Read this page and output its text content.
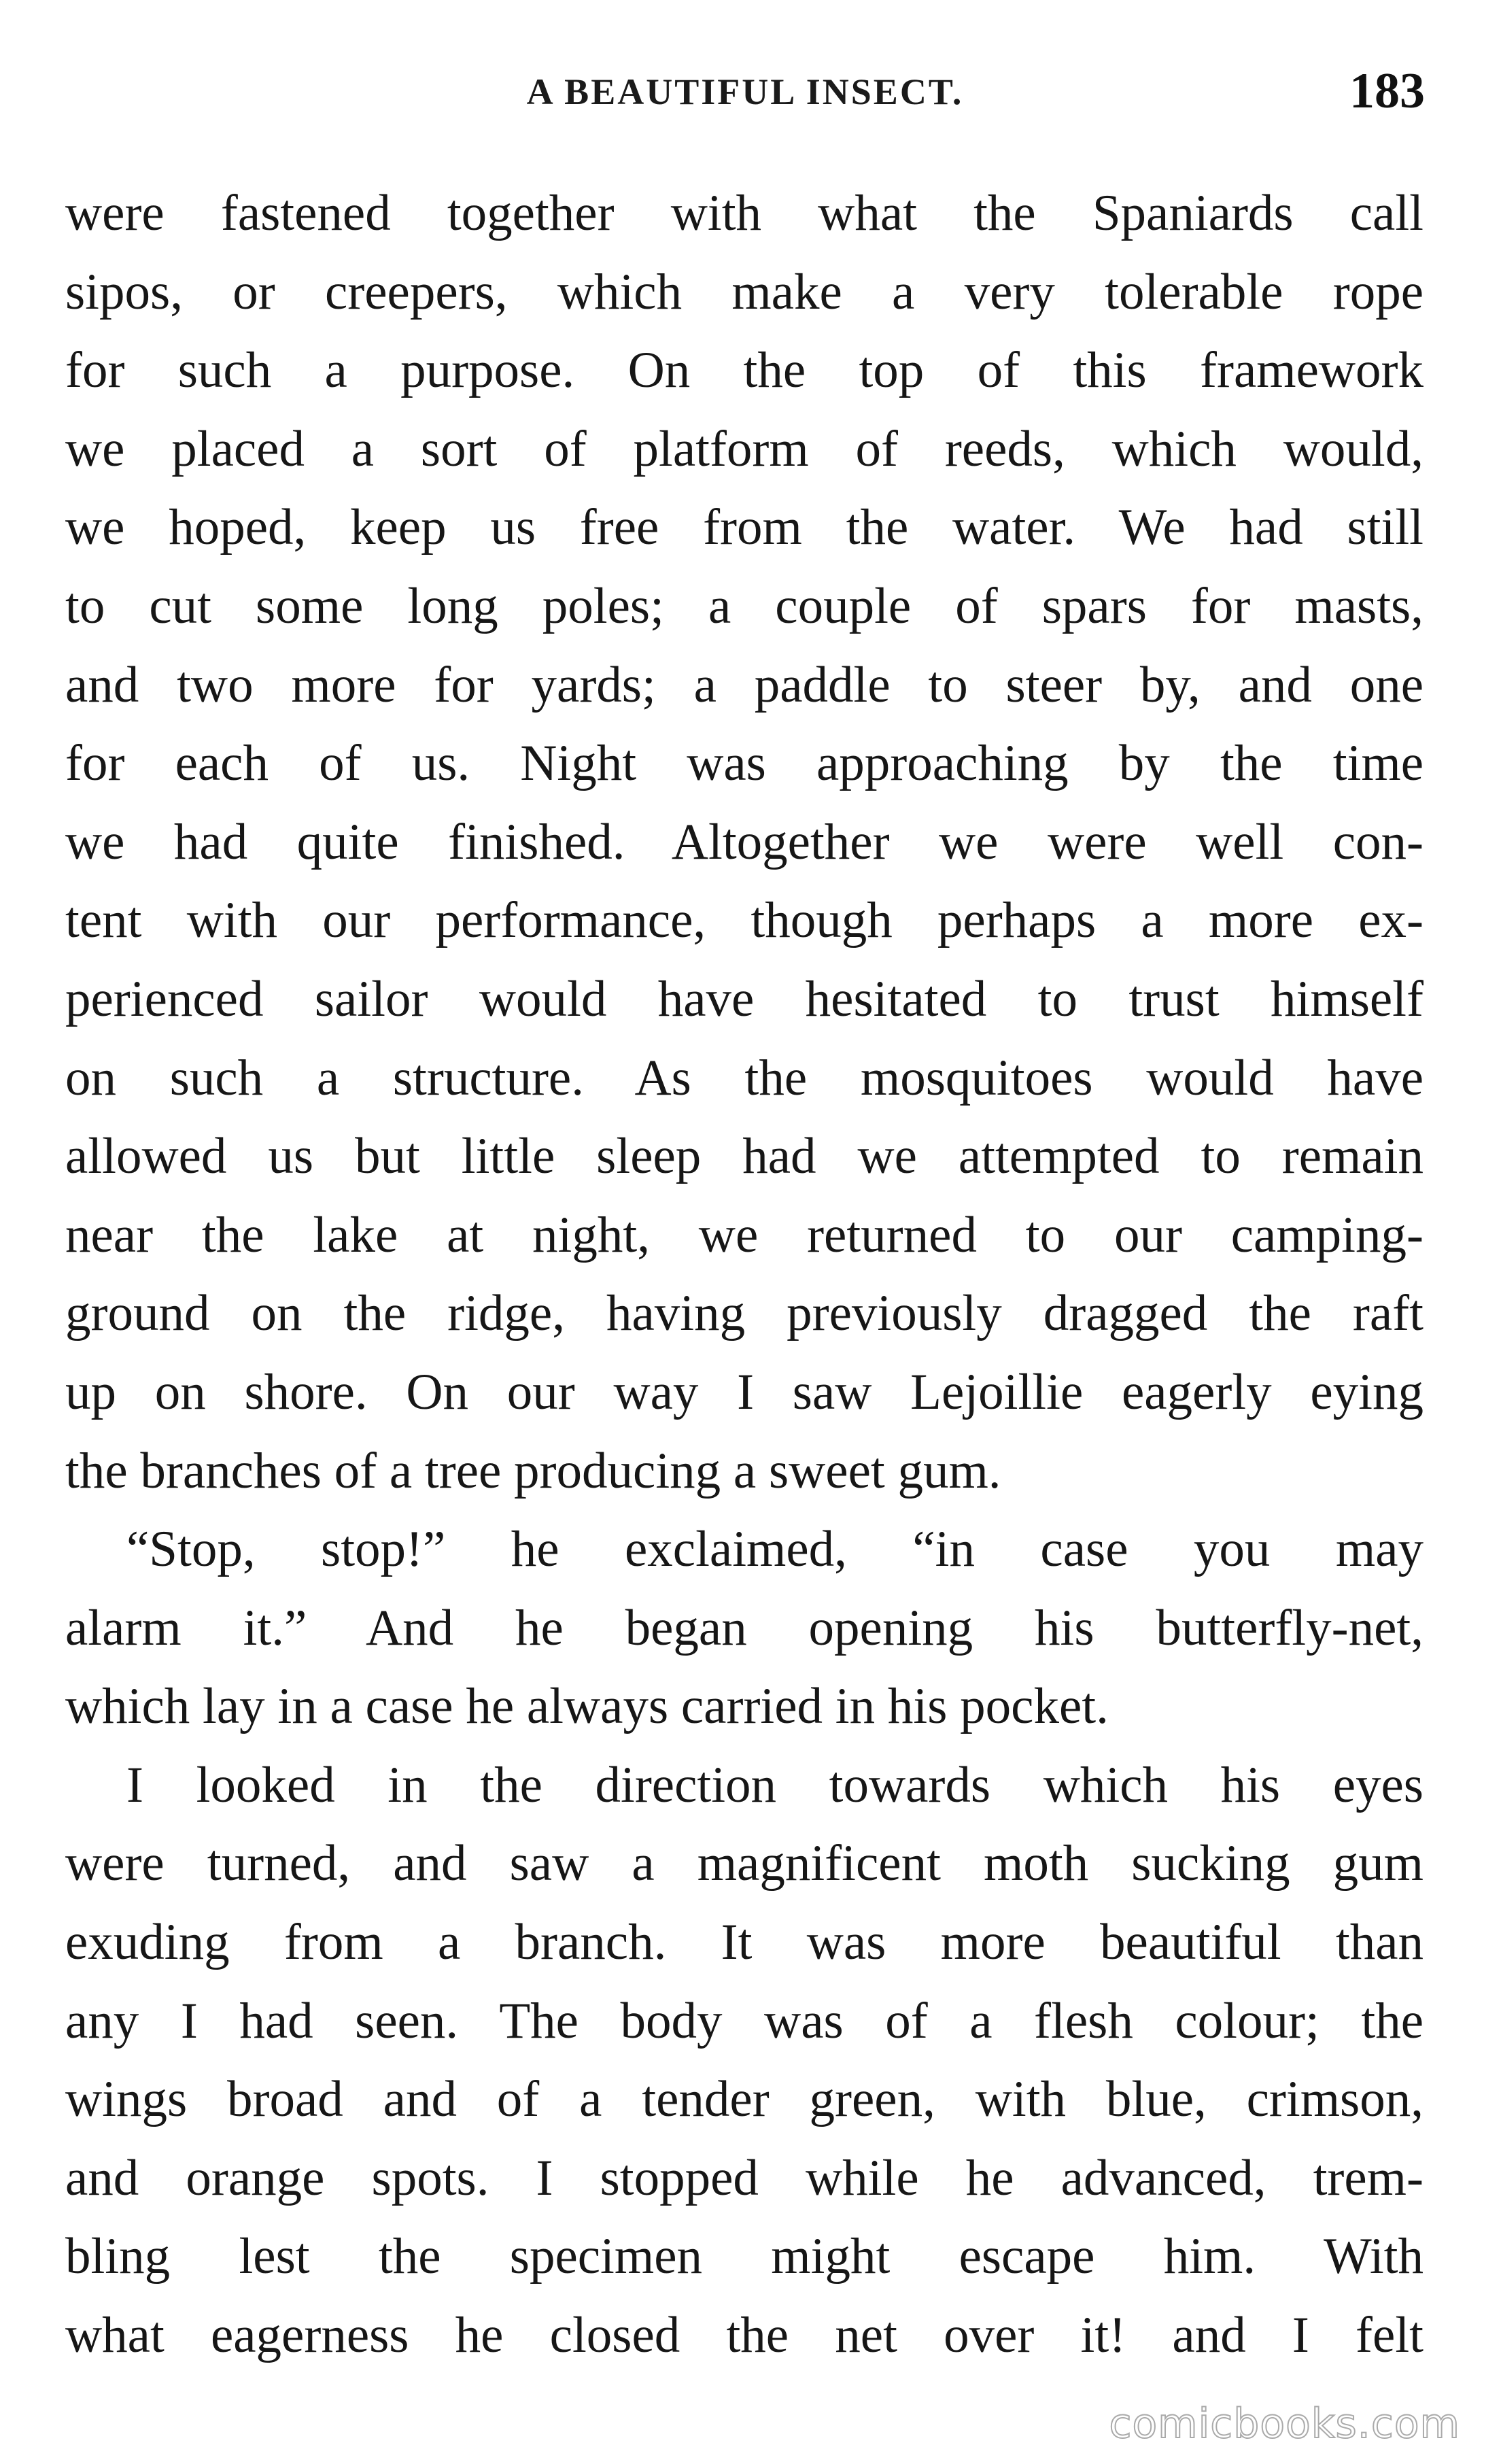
A BEAUTIFUL INSECT.	183
were fastened together with what the Spaniards call
sipos, or creepers, which make a very tolerable rope
for such a purpose. On the top of this framework
we placed a sort of platform of reeds, which would,
we hoped, keep us free from the water. We had still
to cut some long poles; a couple of spars for masts,
and two more for yards; a paddle to steer by, and one
for each of us. Night was approaching by the time
we had quite finished. Altogether we were well con-
tent with our performance, though perhaps a more ex-
perienced sailor would have hesitated to trust himself
on such a structure. As the mosquitoes would have
allowed us but little sleep had we attempted to remain
near the lake at night, we returned to our camping-
ground on the ridge, having previously dragged the raft
up on shore. On our way I saw Lejoillie eagerly eying
the branches of a tree producing a sweet gum.
“Stop, stop!” he exclaimed, “in case you may
alarm it.” And he began opening his butterfly-net,
which lay in a case he always carried in his pocket.
I looked in the direction towards which his eyes
were turned, and saw a magnificent moth sucking gum
exuding from a branch. It was more beautiful than
any I had seen. The body was of a flesh colour; the
wings broad and of a tender green, with blue, crimson,
and orange spots. I stopped while he advanced, trem-
bling lest the specimen might escape him. With
what eagerness he closed the net over it! and I felt
comicbooks.com
